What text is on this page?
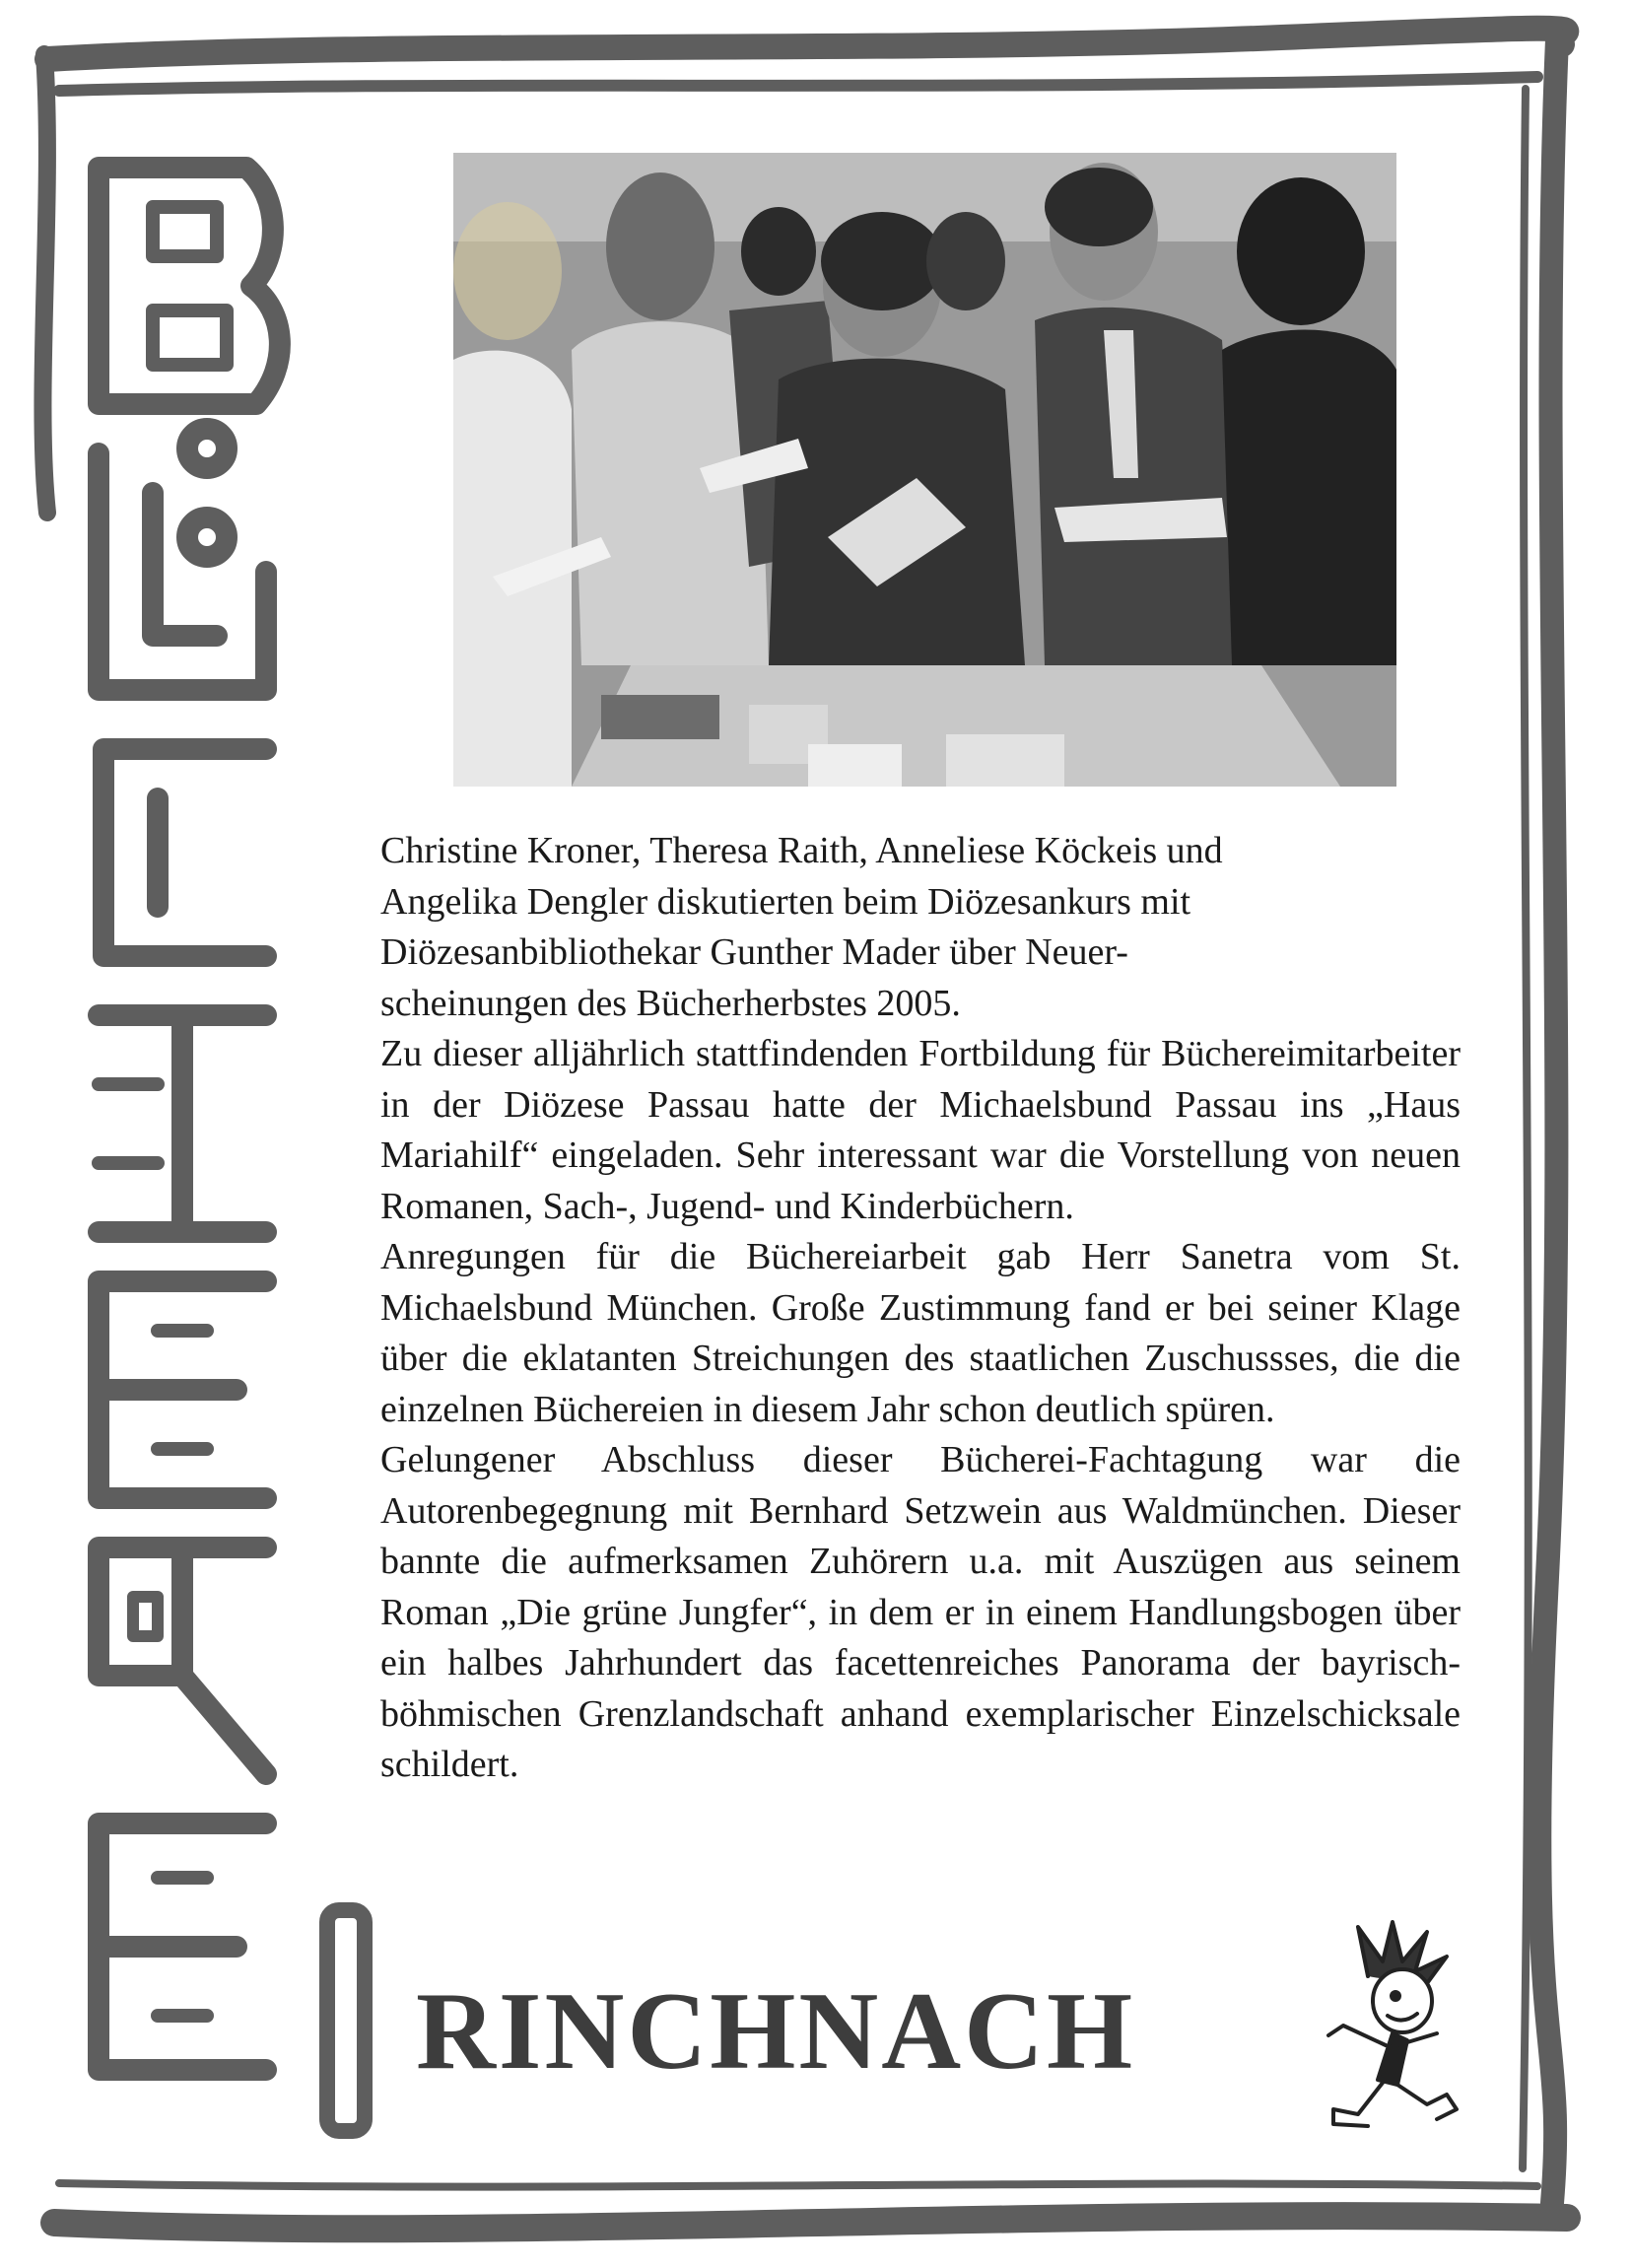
Christine Kroner, Theresa Raith, Anneliese Köckeis und
Angelika Dengler diskutierten beim Diözesankurs mit
Diözesanbibliothekar Gunther Mader über Neuer-
scheinungen des Bücherherbstes 2005.

Zu dieser alljährlich stattfindenden Fortbildung für Büchereimitarbeiter in der Diözese Passau hatte der Michaelsbund Passau ins „Haus Mariahilf“ eingeladen. Sehr interessant war die Vorstellung von neuen Romanen, Sach-, Jugend- und Kinderbüchern.

Anregungen für die Büchereiarbeit gab Herr Sanetra vom St. Michaelsbund München. Große Zustimmung fand er bei seiner Klage über die eklatanten Streichungen des staatlichen Zuschussses, die die einzelnen Büchereien in diesem Jahr schon deutlich spüren.

Gelungener Abschluss dieser Bücherei-Fachtagung war die Autorenbegegnung mit Bernhard Setzwein aus Waldmünchen. Dieser bannte die aufmerksamen Zuhörern u.a. mit Auszügen aus seinem Roman „Die grüne Jungfer“, in dem er in einem Handlungsbogen über ein halbes Jahrhundert das facettenreiches Panorama der bayrisch-böhmischen Grenzlandschaft anhand exemplarischer Einzelschicksale schildert.

RINCHNACH
